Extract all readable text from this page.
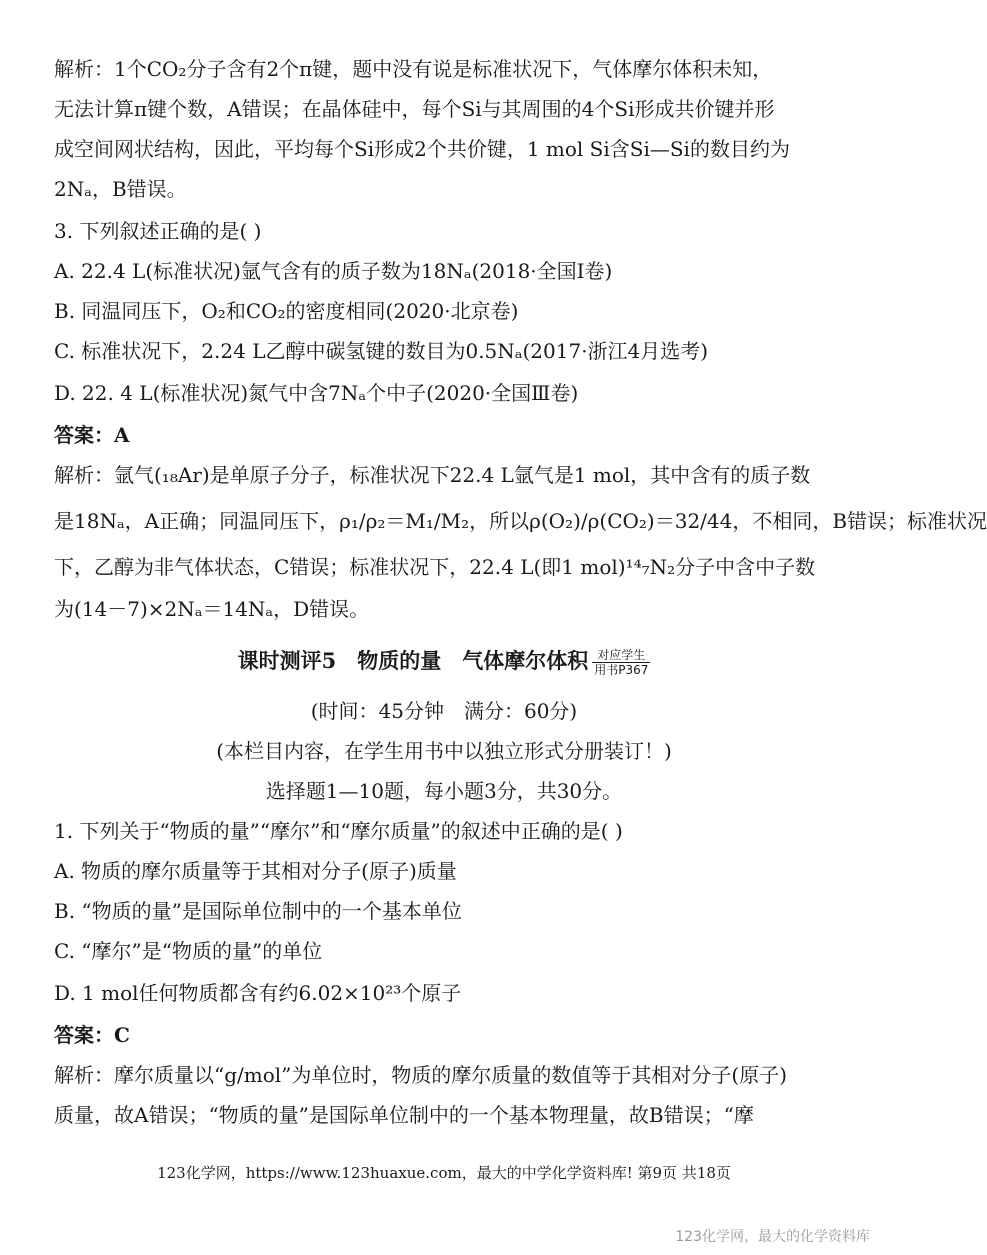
解析：1个CO₂分子含有2个π键，题中没有说是标准状况下，气体摩尔体积未知，
无法计算π键个数，A错误；在晶体硅中，每个Si与其周围的4个Si形成共价键并形
成空间网状结构，因此，平均每个Si形成2个共价键，1 mol Si含Si—Si的数目约为
2Nₐ，B错误。
3. 下列叙述正确的是( )
A. 22.4 L(标准状况)氩气含有的质子数为18Nₐ(2018·全国Ⅰ卷)
B. 同温同压下，O₂和CO₂的密度相同(2020·北京卷)
C. 标准状况下，2.24 L乙醇中碳氢键的数目为0.5Nₐ(2017·浙江4月选考)
D. 22. 4 L(标准状况)氮气中含7Nₐ个中子(2020·全国Ⅲ卷)
答案：A
解析：氩气(₁₈Ar)是单原子分子，标准状况下22.4 L氩气是1 mol，其中含有的质子数
是18Nₐ，A正确；同温同压下，ρ₁/ρ₂＝M₁/M₂，所以ρ(O₂)/ρ(CO₂)＝32/44，不相同，B错误；标准状况
下，乙醇为非气体状态，C错误；标准状况下，22.4 L(即1 mol)¹⁴₇N₂分子中含中子数
为(14－7)×2Nₐ＝14Nₐ，D错误。
课时测评5　物质的量　气体摩尔体积 对应学生
用书P367
(时间：45分钟　满分：60分)
(本栏目内容，在学生用书中以独立形式分册装订！)
选择题1—10题，每小题3分，共30分。
1. 下列关于“物质的量”“摩尔”和“摩尔质量”的叙述中正确的是( )
A. 物质的摩尔质量等于其相对分子(原子)质量
B. “物质的量”是国际单位制中的一个基本单位
C. “摩尔”是“物质的量”的单位
D. 1 mol任何物质都含有约6.02×10²³个原子
答案：C
解析：摩尔质量以“g/mol”为单位时，物质的摩尔质量的数值等于其相对分子(原子)
质量，故A错误；“物质的量”是国际单位制中的一个基本物理量，故B错误；“摩
123化学网，https://www.123huaxue.com，最大的中学化学资料库! 第9页 共18页
123化学网，最大的化学资料库
